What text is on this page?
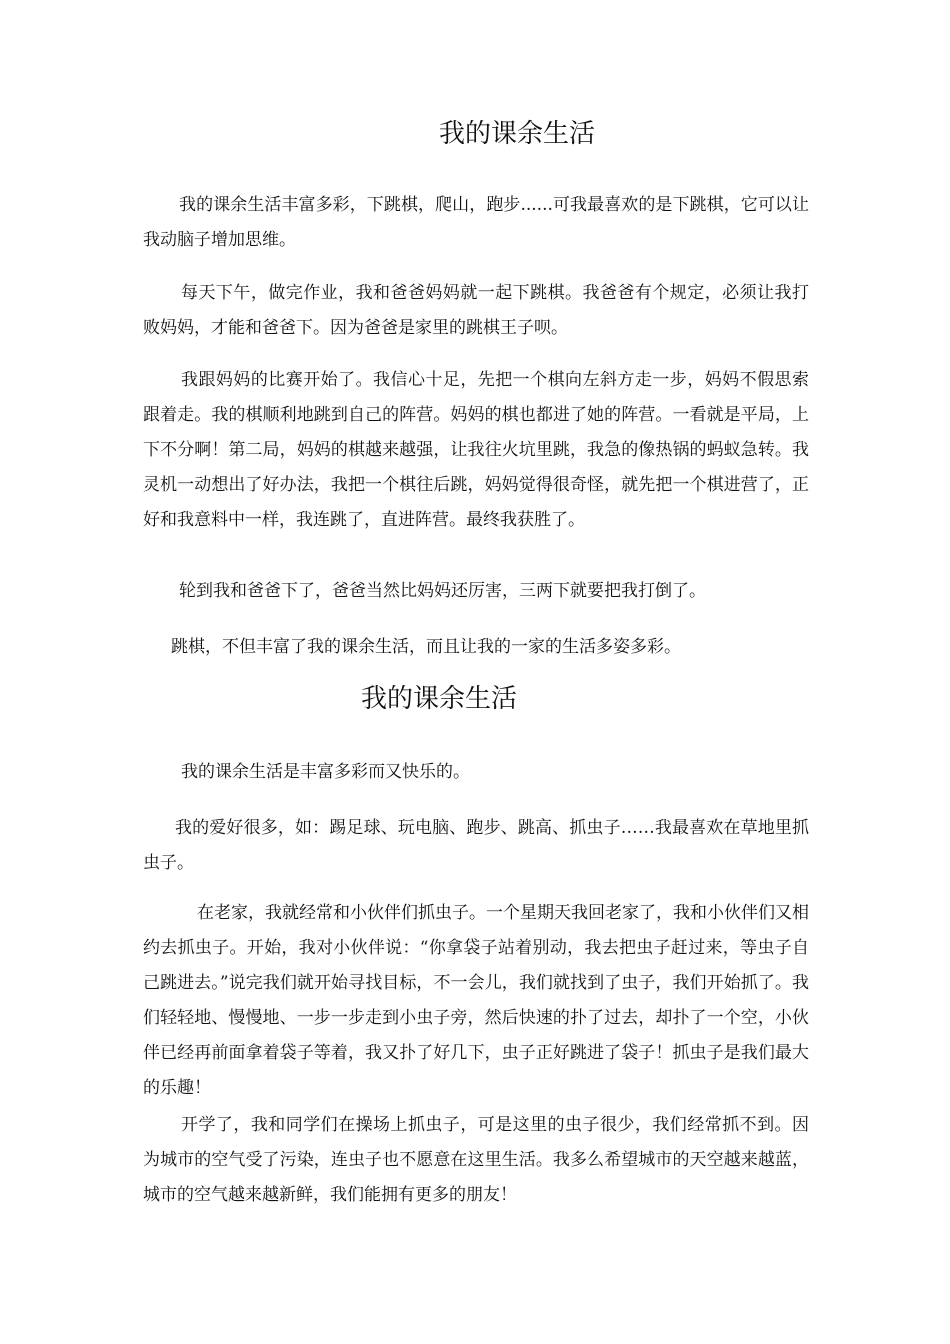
我的课余生活

我的课余生活丰富多彩，下跳棋，爬山，跑步......可我最喜欢的是下跳棋，它可以让我动脑子增加思维。

每天下午，做完作业，我和爸爸妈妈就一起下跳棋。我爸爸有个规定，必须让我打败妈妈，才能和爸爸下。因为爸爸是家里的跳棋王子呗。

我跟妈妈的比赛开始了。我信心十足，先把一个棋向左斜方走一步，妈妈不假思索跟着走。我的棋顺利地跳到自己的阵营。妈妈的棋也都进了她的阵营。一看就是平局，上下不分啊！第二局，妈妈的棋越来越强，让我往火坑里跳，我急的像热锅的蚂蚁急转。我灵机一动想出了好办法，我把一个棋往后跳，妈妈觉得很奇怪，就先把一个棋进营了，正好和我意料中一样，我连跳了，直进阵营。最终我获胜了。

轮到我和爸爸下了，爸爸当然比妈妈还厉害，三两下就要把我打倒了。

跳棋，不但丰富了我的课余生活，而且让我的一家的生活多姿多彩。

我的课余生活

我的课余生活是丰富多彩而又快乐的。

我的爱好很多，如：踢足球、玩电脑、跑步、跳高、抓虫子……我最喜欢在草地里抓虫子。

在老家，我就经常和小伙伴们抓虫子。一个星期天我回老家了，我和小伙伴们又相约去抓虫子。开始，我对小伙伴说：“你拿袋子站着别动，我去把虫子赶过来，等虫子自己跳进去。”说完我们就开始寻找目标，不一会儿，我们就找到了虫子，我们开始抓了。我们轻轻地、慢慢地、一步一步走到小虫子旁，然后快速的扑了过去，却扑了一个空，小伙伴已经再前面拿着袋子等着，我又扑了好几下，虫子正好跳进了袋子！抓虫子是我们最大的乐趣！

开学了，我和同学们在操场上抓虫子，可是这里的虫子很少，我们经常抓不到。因为城市的空气受了污染，连虫子也不愿意在这里生活。我多么希望城市的天空越来越蓝，城市的空气越来越新鲜，我们能拥有更多的朋友！
